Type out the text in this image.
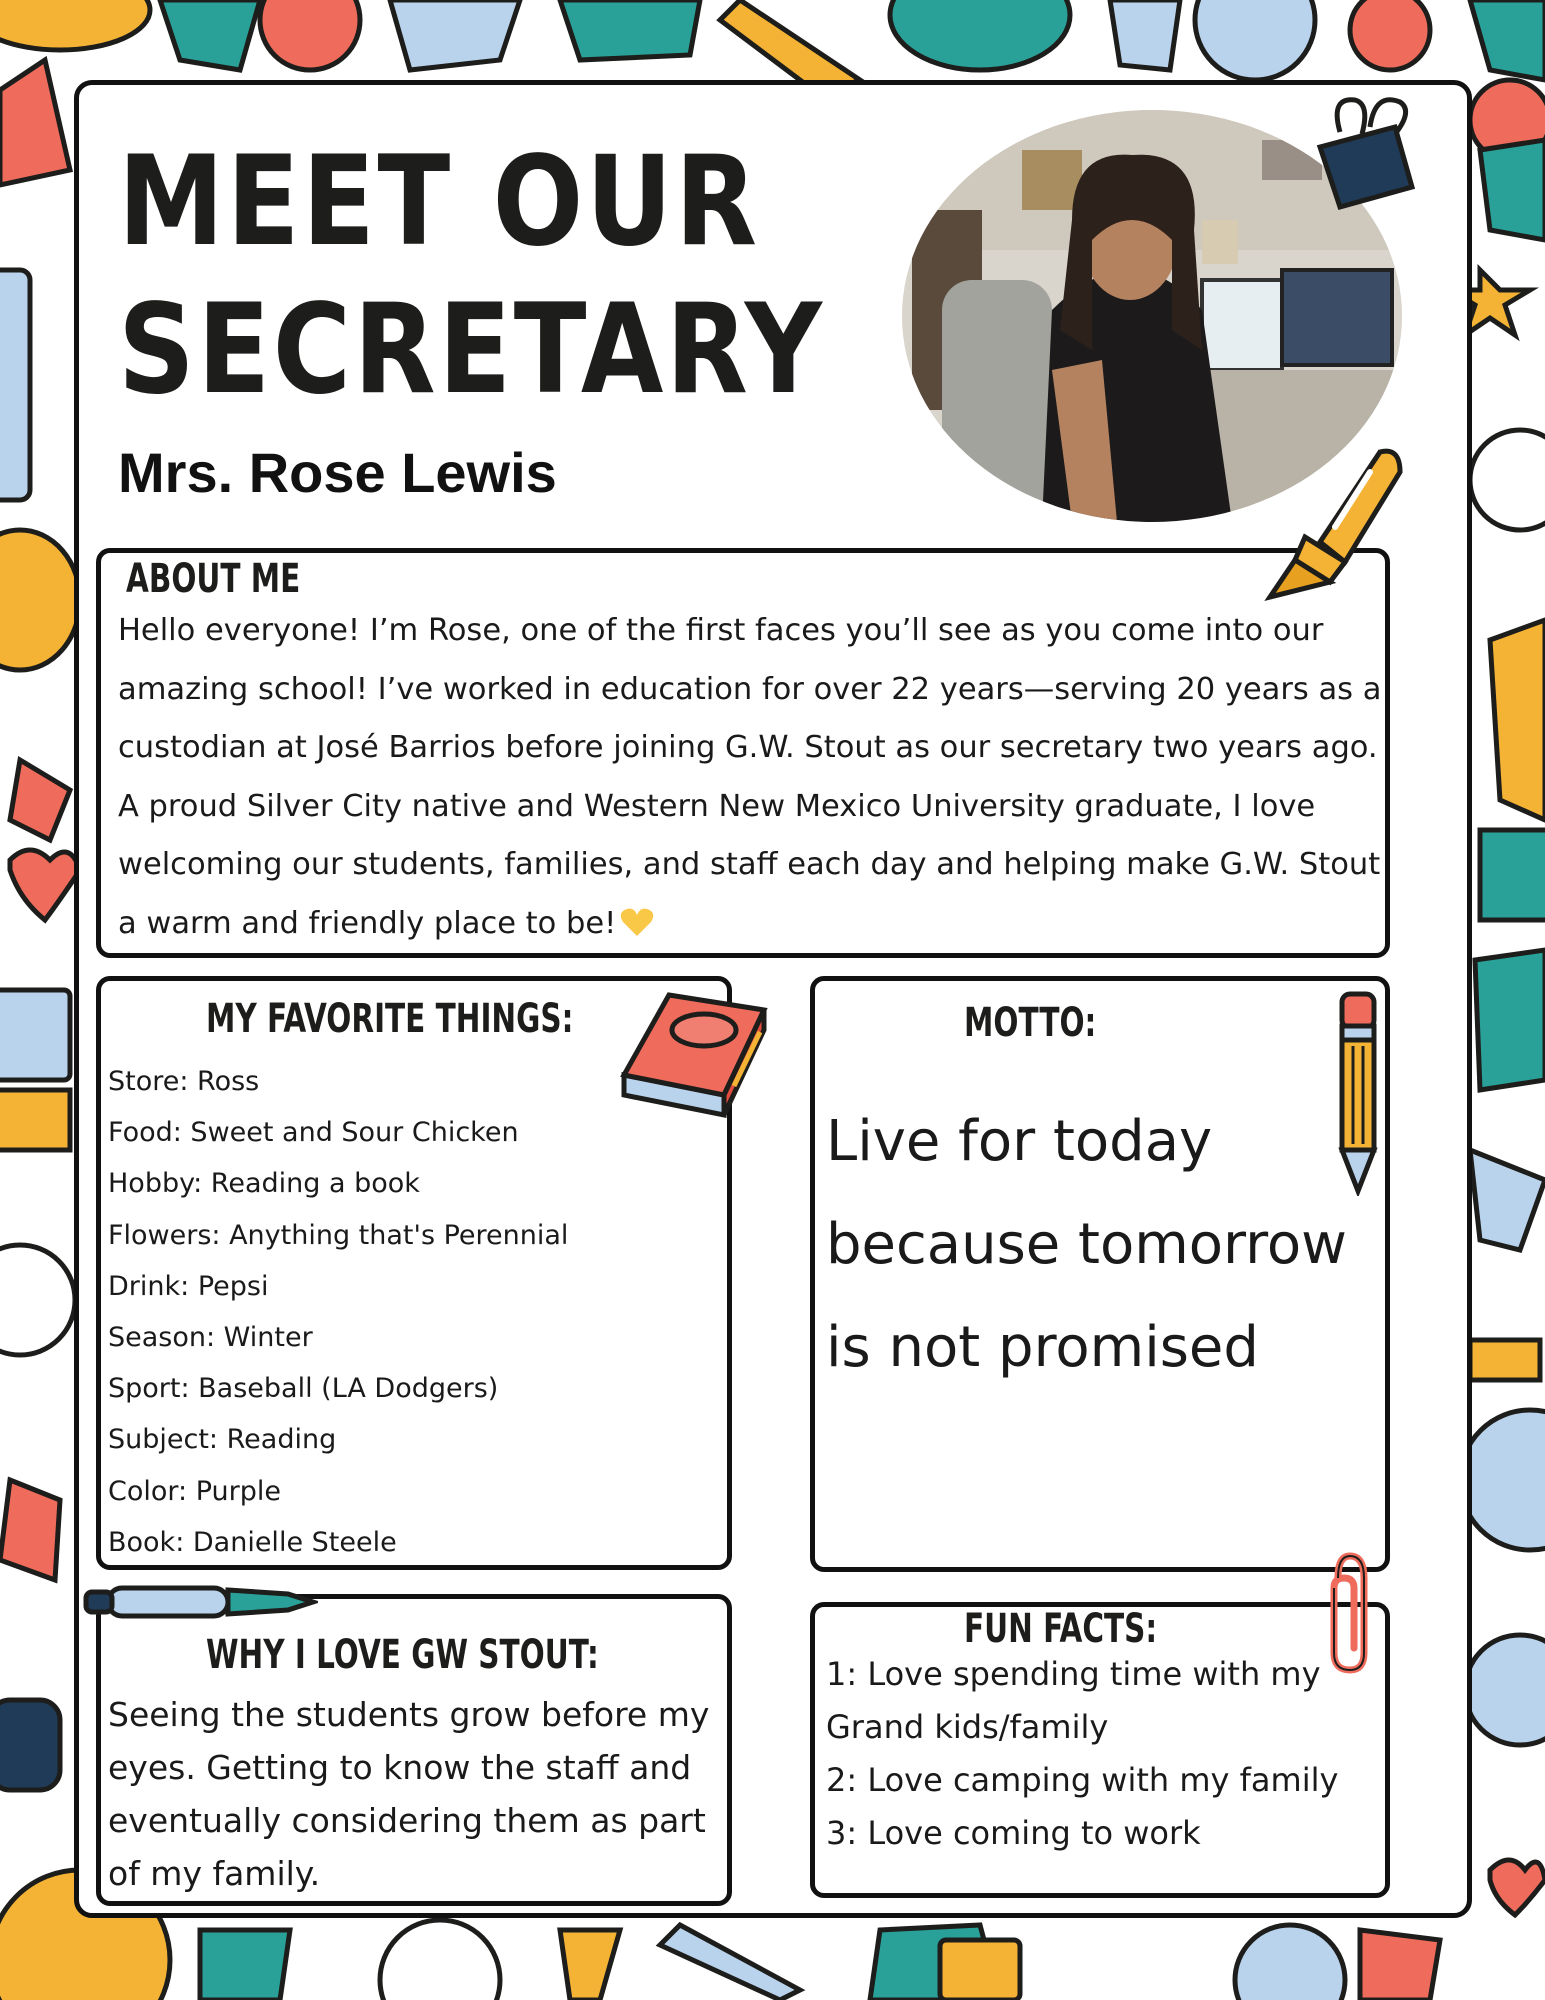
MEET OUR
SECRETARY
Mrs. Rose Lewis
ABOUT ME
Hello everyone! I’m Rose, one of the first faces you’ll see as you come into our amazing school! I’ve worked in education for over 22 years—serving 20 years as a custodian at José Barrios before joining G.W. Stout as our secretary two years ago. A proud Silver City native and Western New Mexico University graduate, I love welcoming our students, families, and staff each day and helping make G.W. Stout a warm and friendly place to be!
MY FAVORITE THINGS:
Store: Ross
Food: Sweet and Sour Chicken
Hobby: Reading a book
Flowers: Anything that's Perennial
Drink: Pepsi
Season: Winter
Sport: Baseball (LA Dodgers)
Subject: Reading
Color: Purple
Book: Danielle Steele
MOTTO:
Live for today
because tomorrow
is not promised
WHY I LOVE GW STOUT:
Seeing the students grow before my
eyes. Getting to know the staff and
eventually considering them as part
of my family.
FUN FACTS:
1: Love spending time with my
Grand kids/family
2: Love camping with my family
3: Love coming to work
